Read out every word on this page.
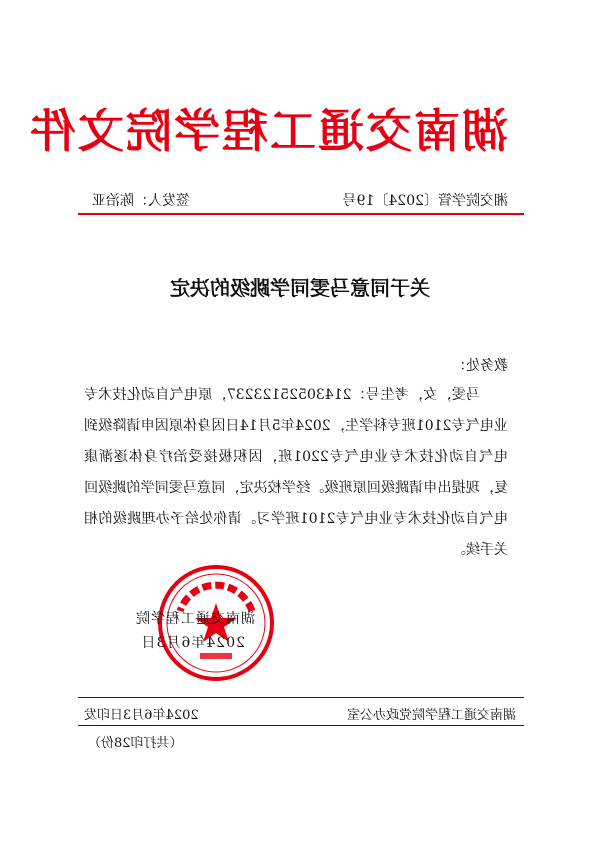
湖南交通工程学院文件
湘交院学管〔2024〕19号
签发人：陈治亚
关于同意马雯同学跳级的决定
教务处：
马雯，女，考生号：21430525123237，原电气自动化技术专业电气专2101班专科学生，2024年5月14日因身体原因申请降级到电气自动化技术专业电气专2201班，因积极接受治疗身体逐渐康复，现提出申请跳级回原班级。经学校决定，同意马雯同学的跳级回电气自动化技术专业电气专2101班学习。请你处给予办理跳级的相关手续。
湖南交通工程学院
2024年6月3日
湖南交通工程学院党政办公室
2024年6月3日印发
（共打印28份）
